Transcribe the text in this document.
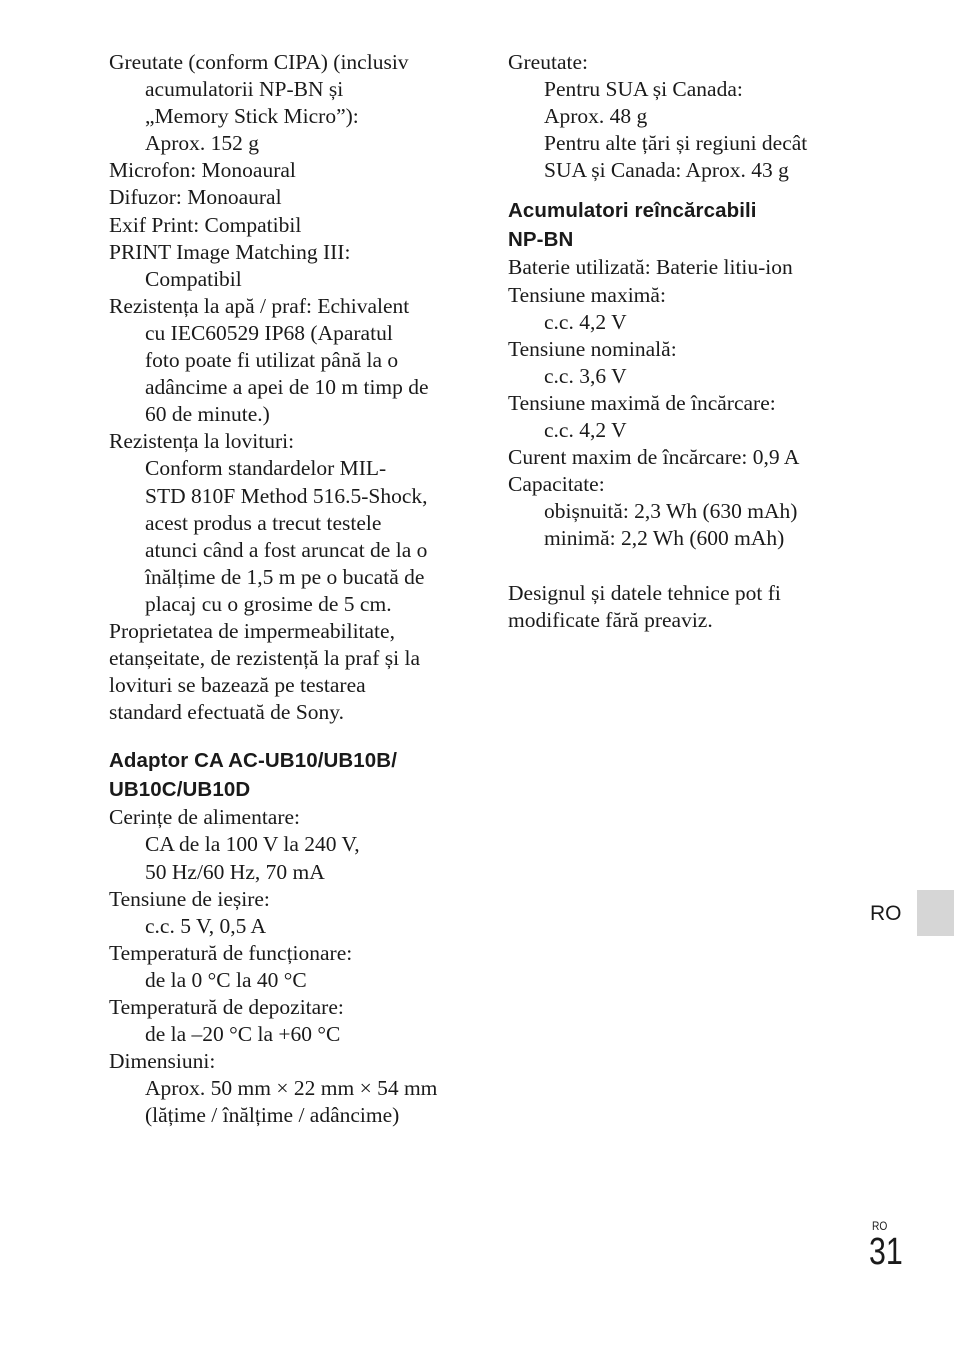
Greutate (conform CIPA) (inclusiv
acumulatorii NP-BN și
„Memory Stick Micro”):
Aprox. 152 g
Microfon: Monoaural
Difuzor: Monoaural
Exif Print: Compatibil
PRINT Image Matching III:
Compatibil
Rezistența la apă / praf: Echivalent
cu IEC60529 IP68 (Aparatul
foto poate fi utilizat până la o
adâncime a apei de 10 m timp de
60 de minute.)
Rezistența la lovituri:
Conform standardelor MIL-
STD 810F Method 516.5-Shock,
acest produs a trecut testele
atunci când a fost aruncat de la o
înălțime de 1,5 m pe o bucată de
placaj cu o grosime de 5 cm.
Proprietatea de impermeabilitate,
etanșeitate, de rezistență la praf și la
lovituri se bazează pe testarea
standard efectuată de Sony.
Adaptor CA AC-UB10/UB10B/
UB10C/UB10D
Cerințe de alimentare:
CA de la 100 V la 240 V,
50 Hz/60 Hz, 70 mA
Tensiune de ieșire:
c.c. 5 V, 0,5 A
Temperatură de funcționare:
de la 0 °C la 40 °C
Temperatură de depozitare:
de la –20 °C la +60 °C
Dimensiuni:
Aprox. 50 mm × 22 mm × 54 mm
(lățime / înălțime / adâncime)
Greutate:
Pentru SUA și Canada:
Aprox. 48 g
Pentru alte țări și regiuni decât
SUA și Canada: Aprox. 43 g
Acumulatori reîncărcabili
NP-BN
Baterie utilizată: Baterie litiu-ion
Tensiune maximă:
c.c. 4,2 V
Tensiune nominală:
c.c. 3,6 V
Tensiune maximă de încărcare:
c.c. 4,2 V
Curent maxim de încărcare: 0,9 A
Capacitate:
obișnuită: 2,3 Wh (630 mAh)
minimă: 2,2 Wh (600 mAh)
Designul și datele tehnice pot fi
modificate fără preaviz.
RO
RO
31
